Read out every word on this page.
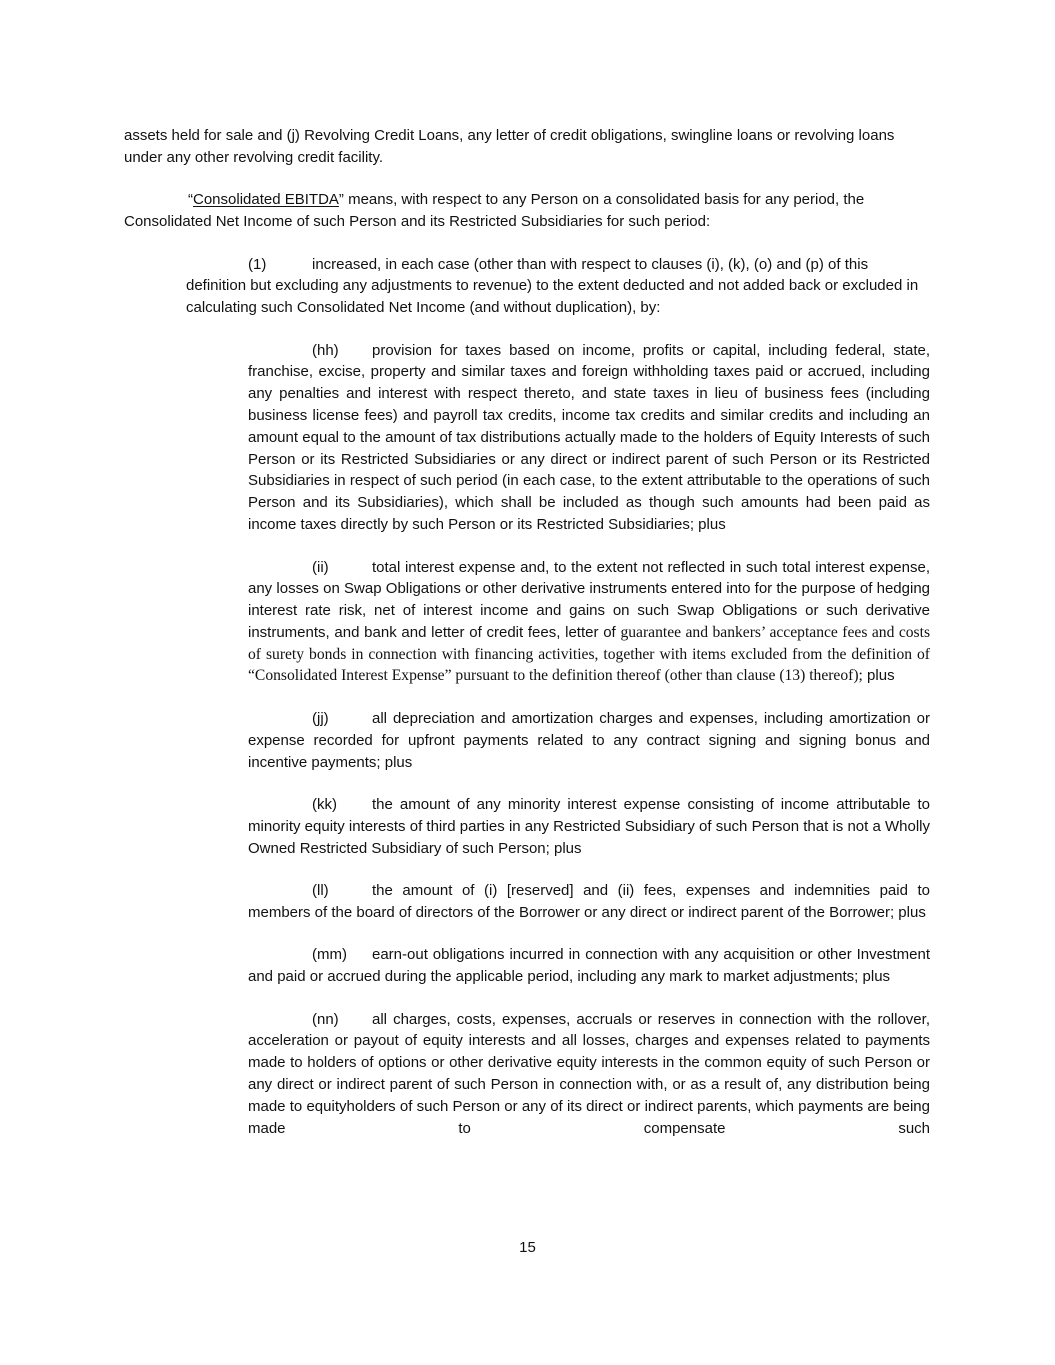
assets held for sale and (j) Revolving Credit Loans, any letter of credit obligations, swingline loans or revolving loans under any other revolving credit facility.

“Consolidated EBITDA” means, with respect to any Person on a consolidated basis for any period, the Consolidated Net Income of such Person and its Restricted Subsidiaries for such period:

(1)	increased, in each case (other than with respect to clauses (i), (k), (o) and (p) of this definition but excluding any adjustments to revenue) to the extent deducted and not added back or excluded in calculating such Consolidated Net Income (and without duplication), by:

(hh) provision for taxes based on income, profits or capital, including federal, state, franchise, excise, property and similar taxes and foreign withholding taxes paid or accrued, including any penalties and interest with respect thereto, and state taxes in lieu of business fees (including business license fees) and payroll tax credits, income tax credits and similar credits and including an amount equal to the amount of tax distributions actually made to the holders of Equity Interests of such Person or its Restricted Subsidiaries or any direct or indirect parent of such Person or its Restricted Subsidiaries in respect of such period (in each case, to the extent attributable to the operations of such Person and its Subsidiaries), which shall be included as though such amounts had been paid as income taxes directly by such Person or its Restricted Subsidiaries; plus

(ii)	total interest expense and, to the extent not reflected in such total interest expense, any losses on Swap Obligations or other derivative instruments entered into for the purpose of hedging interest rate risk, net of interest income and gains on such Swap Obligations or such derivative instruments, and bank and letter of credit fees, letter of guarantee and bankers’ acceptance fees and costs of surety bonds in connection with financing activities, together with items excluded from the definition of “Consolidated Interest Expense” pursuant to the definition thereof (other than clause (13) thereof); plus

(jj)	all depreciation and amortization charges and expenses, including amortization or expense recorded for upfront payments related to any contract signing and signing bonus and incentive payments; plus

(kk) the amount of any minority interest expense consisting of income attributable to minority equity interests of third parties in any Restricted Subsidiary of such Person that is not a Wholly Owned Restricted Subsidiary of such Person; plus

(ll)	the amount of (i) [reserved] and (ii) fees, expenses and indemnities paid to members of the board of directors of the Borrower or any direct or indirect parent of the Borrower; plus

(mm) earn-out obligations incurred in connection with any acquisition or other Investment and paid or accrued during the applicable period, including any mark to market adjustments; plus

(nn) all charges, costs, expenses, accruals or reserves in connection with the rollover, acceleration or payout of equity interests and all losses, charges and expenses related to payments made to holders of options or other derivative equity interests in the common equity of such Person or any direct or indirect parent of such Person in connection with, or as a result of, any distribution being made to equityholders of such Person or any of its direct or indirect parents, which payments are being made to compensate such

15
